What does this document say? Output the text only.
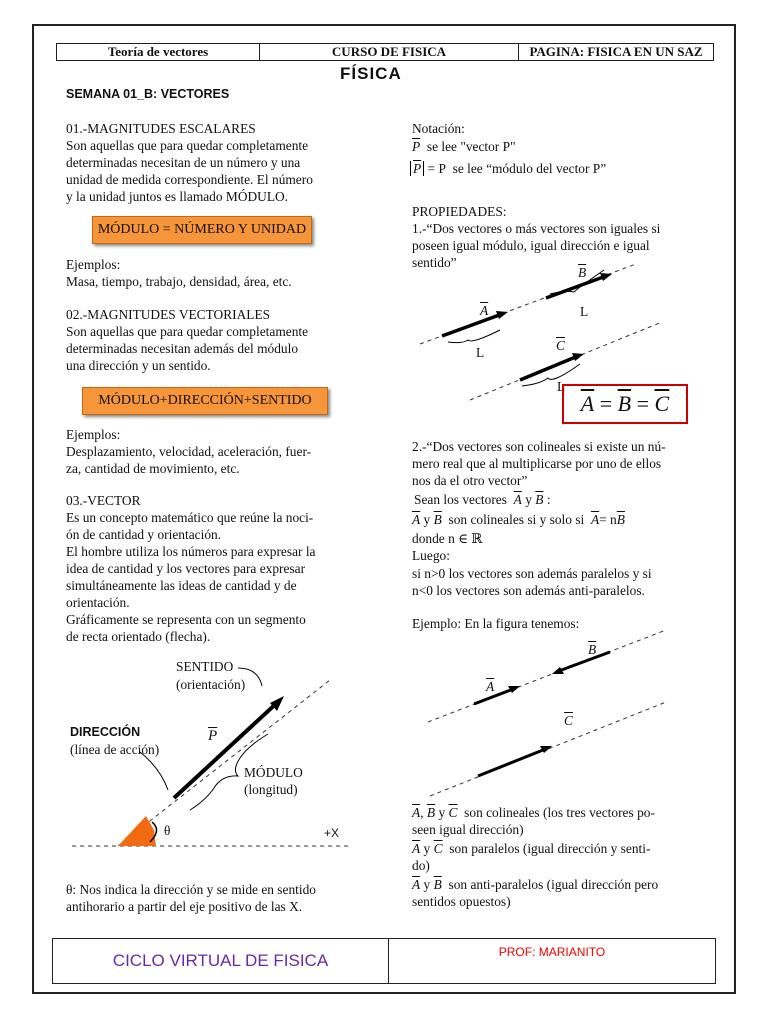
Teoría de vectores	CURSO DE FISICA	PAGINA: FISICA EN UN SAZ
FÍSICA
SEMANA 01_B: VECTORES
01.-MAGNITUDES ESCALARES
Son aquellas que para quedar completamente
determinadas necesitan de un número y una
unidad de medida correspondiente. El número
y la unidad juntos es llamado MÓDULO.
MÓDULO = NÚMERO Y UNIDAD
Ejemplos:
Masa, tiempo, trabajo, densidad, área, etc.
02.-MAGNITUDES VECTORIALES
Son aquellas que para quedar completamente
determinadas necesitan además del módulo
una dirección y un sentido.
MÓDULO+DIRECCIÓN+SENTIDO
Ejemplos:
Desplazamiento, velocidad, aceleración, fuer-
za, cantidad de movimiento, etc.
03.-VECTOR
Es un concepto matemático que reúne la noci-
ón de cantidad y orientación.
El hombre utiliza los números para expresar la
idea de cantidad y los vectores para expresar
simultáneamente las ideas de cantidad y de
orientación.
Gráficamente se representa con un segmento
de recta orientado (flecha).
SENTIDO
(orientación)
DIRECCIÓN
(línea de acción)
$\overline{P}$
MÓDULO
(longitud)
θ	+X
θ: Nos indica la dirección y se mide en sentido
antihorario a partir del eje positivo de las X.
Notación:
$\overline{P}$ se lee "vector P"
$\overline{P} = P$ se lee “módulo del vector P”
PROPIEDADES:
1.-“Dos vectores o más vectores son iguales si
poseen igual módulo, igual dirección e igual
sentido”
$\overline{A}$
$\overline{B}$
$\overline{C}$
L
L
L
$\overline{A}$
=
$\overline{B}$
=
$\overline{C}$
2.-“Dos vectores son colineales si existe un nú-
mero real que al multiplicarse por uno de ellos
nos da el otro vector”
Sean los vectores $\overline{A}$ y $\overline{B}$ :
$\overline{A}$ y $\overline{B}$ son colineales si y solo si $\overline{A}= n\overline{B}$
donde n ∈ ℝ
Luego:
si n>0 los vectores son además paralelos y si
n<0 los vectores son además anti-paralelos.
Ejemplo: En la figura tenemos:
$\overline{A}$
$\overline{B}$
$\overline{C}$
$\overline{A}$, $\overline{B}$ y $\overline{C}$ son colineales (los tres vectores po-
seen igual dirección)
$\overline{A}$ y $\overline{C}$ son paralelos (igual dirección y senti-
do)
$\overline{A}$ y $\overline{B}$ son anti-paralelos (igual dirección pero
sentidos opuestos)
CICLO VIRTUAL DE FISICA	PROF: MARIANITO
